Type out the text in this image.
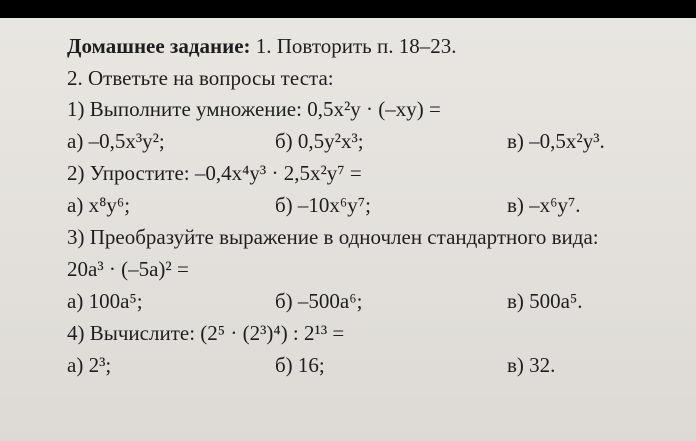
Домашнее задание: 1. Повторить п. 18–23.
2. Ответьте на вопросы теста:
1) Выполните умножение: 0,5x²y · (–xy) =
а) –0,5x³y²;	б) 0,5y²x³;	в) –0,5x²y³.
2) Упростите: –0,4x⁴y³ · 2,5x²y⁷ =
а) x⁸y⁶;	б) –10x⁶y⁷;	в) –x⁶y⁷.
3) Преобразуйте выражение в одночлен стандартного вида:
20a³ · (–5a)² =
а) 100a⁵;	б) –500a⁶;	в) 500a⁵.
4) Вычислите: (2⁵ · (2³)⁴) : 2¹³ =
а) 2³;	б) 16;	в) 32.
